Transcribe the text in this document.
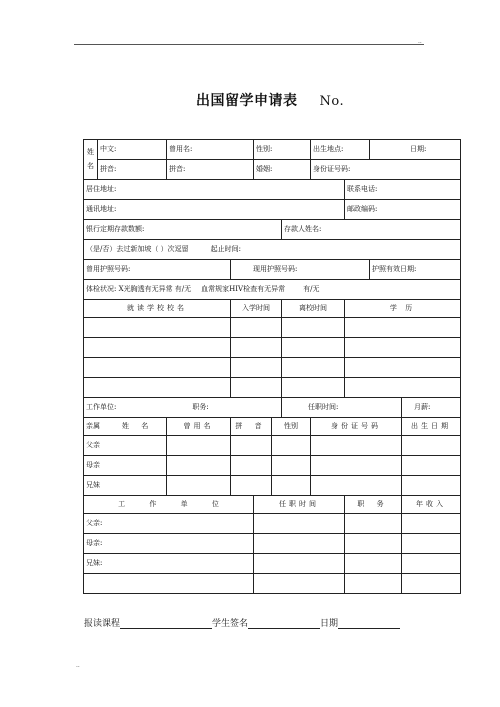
..
出国留学申请表 No.
姓

名	中文:	曾用名:		性别:			出生地点:		日期:	
	拼音:	拼音:		婚姻:			身份证号码:			
居住地址:								联系电话:		
通讯地址:								邮政编码:		
银行定期存款数额:						存款人姓名:				
（是/否）去过新加坡（ ）次逗留 起止时间:										
曾用护照号码:			现用护照号码:						护照有效日期:	
体检状况: X光胸透有无异常 有/无 血常规家HIV检查有无异常 有/无										
就读学校校名			入学时间			离校时间		学 历		

工作单位: 职务:						任职时间:				月薪:
亲属 姓 名		曾用名	拼 音		性别		身份证号码			出生日期
父亲										
母亲										
兄妹										
工 作 单 位				任职时间				职 务		年收入
父亲:										
母亲:										
兄妹:										

报读课程	学生签名	日期
..
